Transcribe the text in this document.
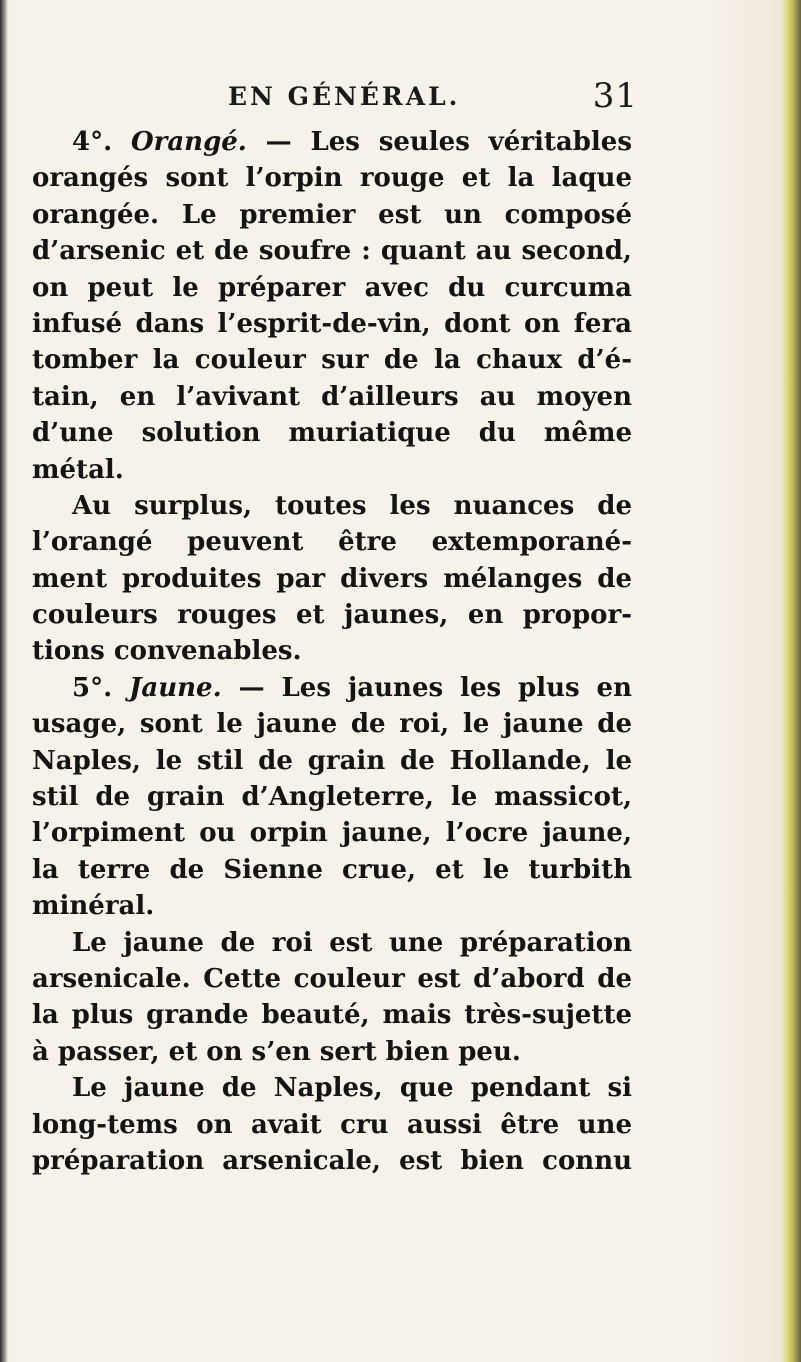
EN GÉNÉRAL.	31
4°. Orangé. — Les seules véritables
orangés sont l’orpin rouge et la laque
orangée. Le premier est un composé
d’arsenic et de soufre : quant au second,
on peut le préparer avec du curcuma
infusé dans l’esprit-de-vin, dont on fera
tomber la couleur sur de la chaux d’é-
tain, en l’avivant d’ailleurs au moyen
d’une solution muriatique du même
métal.
Au surplus, toutes les nuances de
l’orangé peuvent être extemporané-
ment produites par divers mélanges de
couleurs rouges et jaunes, en propor-
tions convenables.
5°. Jaune. — Les jaunes les plus en
usage, sont le jaune de roi, le jaune de
Naples, le stil de grain de Hollande, le
stil de grain d’Angleterre, le massicot,
l’orpiment ou orpin jaune, l’ocre jaune,
la terre de Sienne crue, et le turbith
minéral.
Le jaune de roi est une préparation
arsenicale. Cette couleur est d’abord de
la plus grande beauté, mais très-sujette
à passer, et on s’en sert bien peu.
Le jaune de Naples, que pendant si
long-tems on avait cru aussi être une
préparation arsenicale, est bien connu
